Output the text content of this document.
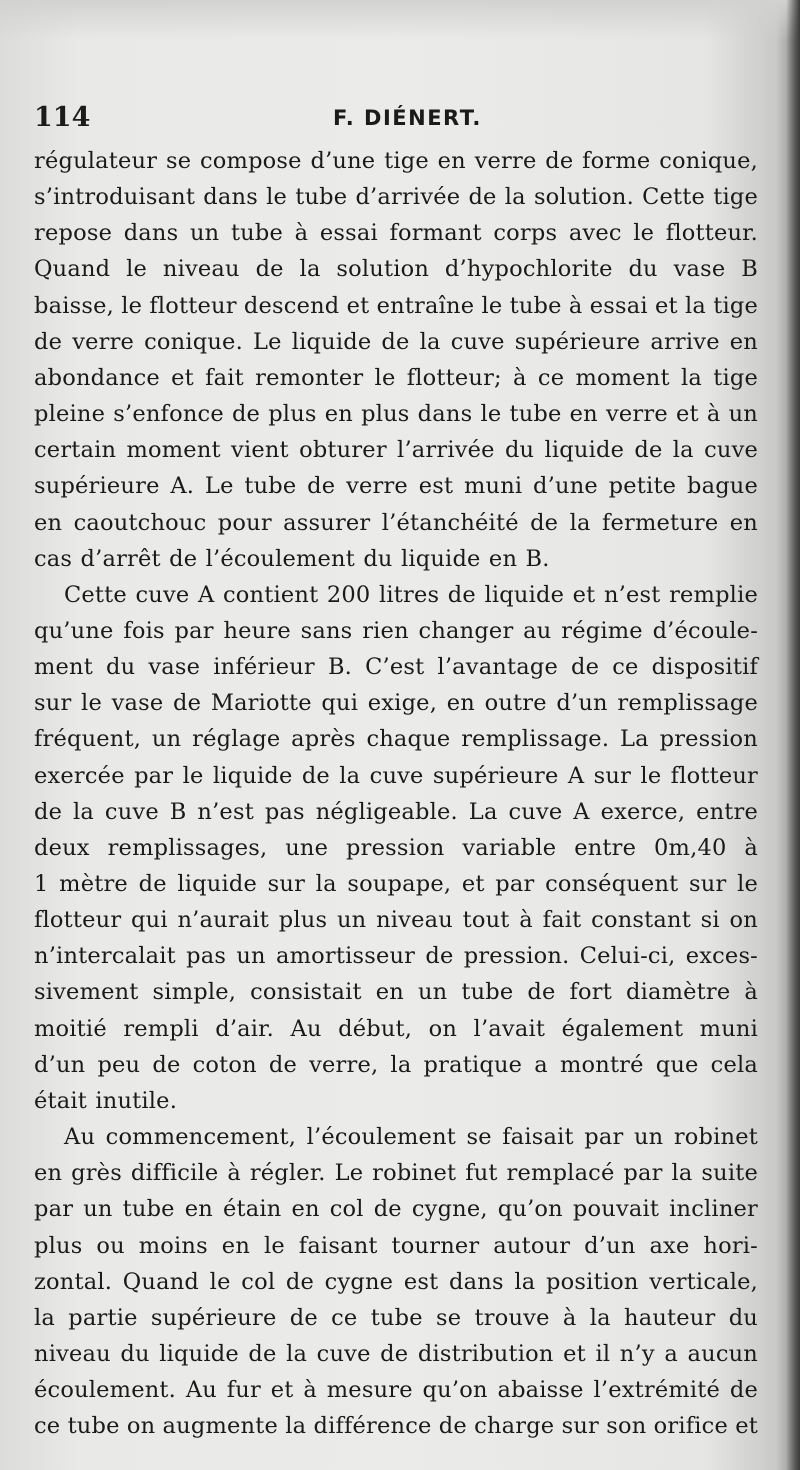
114	F. DIÉNERT.
régulateur se compose d’une tige en verre de forme conique,
s’introduisant dans le tube d’arrivée de la solution. Cette tige
repose dans un tube à essai formant corps avec le flotteur.
Quand le niveau de la solution d’hypochlorite du vase B
baisse, le flotteur descend et entraîne le tube à essai et la tige
de verre conique. Le liquide de la cuve supérieure arrive en
abondance et fait remonter le flotteur; à ce moment la tige
pleine s’enfonce de plus en plus dans le tube en verre et à un
certain moment vient obturer l’arrivée du liquide de la cuve
supérieure A. Le tube de verre est muni d’une petite bague
en caoutchouc pour assurer l’étanchéité de la fermeture en
cas d’arrêt de l’écoulement du liquide en B.
Cette cuve A contient 200 litres de liquide et n’est remplie
qu’une fois par heure sans rien changer au régime d’écoule-
ment du vase inférieur B. C’est l’avantage de ce dispositif
sur le vase de Mariotte qui exige, en outre d’un remplissage
fréquent, un réglage après chaque remplissage. La pression
exercée par le liquide de la cuve supérieure A sur le flotteur
de la cuve B n’est pas négligeable. La cuve A exerce, entre
deux remplissages, une pression variable entre 0m,40 à
1 mètre de liquide sur la soupape, et par conséquent sur le
flotteur qui n’aurait plus un niveau tout à fait constant si on
n’intercalait pas un amortisseur de pression. Celui-ci, exces-
sivement simple, consistait en un tube de fort diamètre à
moitié rempli d’air. Au début, on l’avait également muni
d’un peu de coton de verre, la pratique a montré que cela
était inutile.
Au commencement, l’écoulement se faisait par un robinet
en grès difficile à régler. Le robinet fut remplacé par la suite
par un tube en étain en col de cygne, qu’on pouvait incliner
plus ou moins en le faisant tourner autour d’un axe hori-
zontal. Quand le col de cygne est dans la position verticale,
la partie supérieure de ce tube se trouve à la hauteur du
niveau du liquide de la cuve de distribution et il n’y a aucun
écoulement. Au fur et à mesure qu’on abaisse l’extrémité de
ce tube on augmente la différence de charge sur son orifice et
